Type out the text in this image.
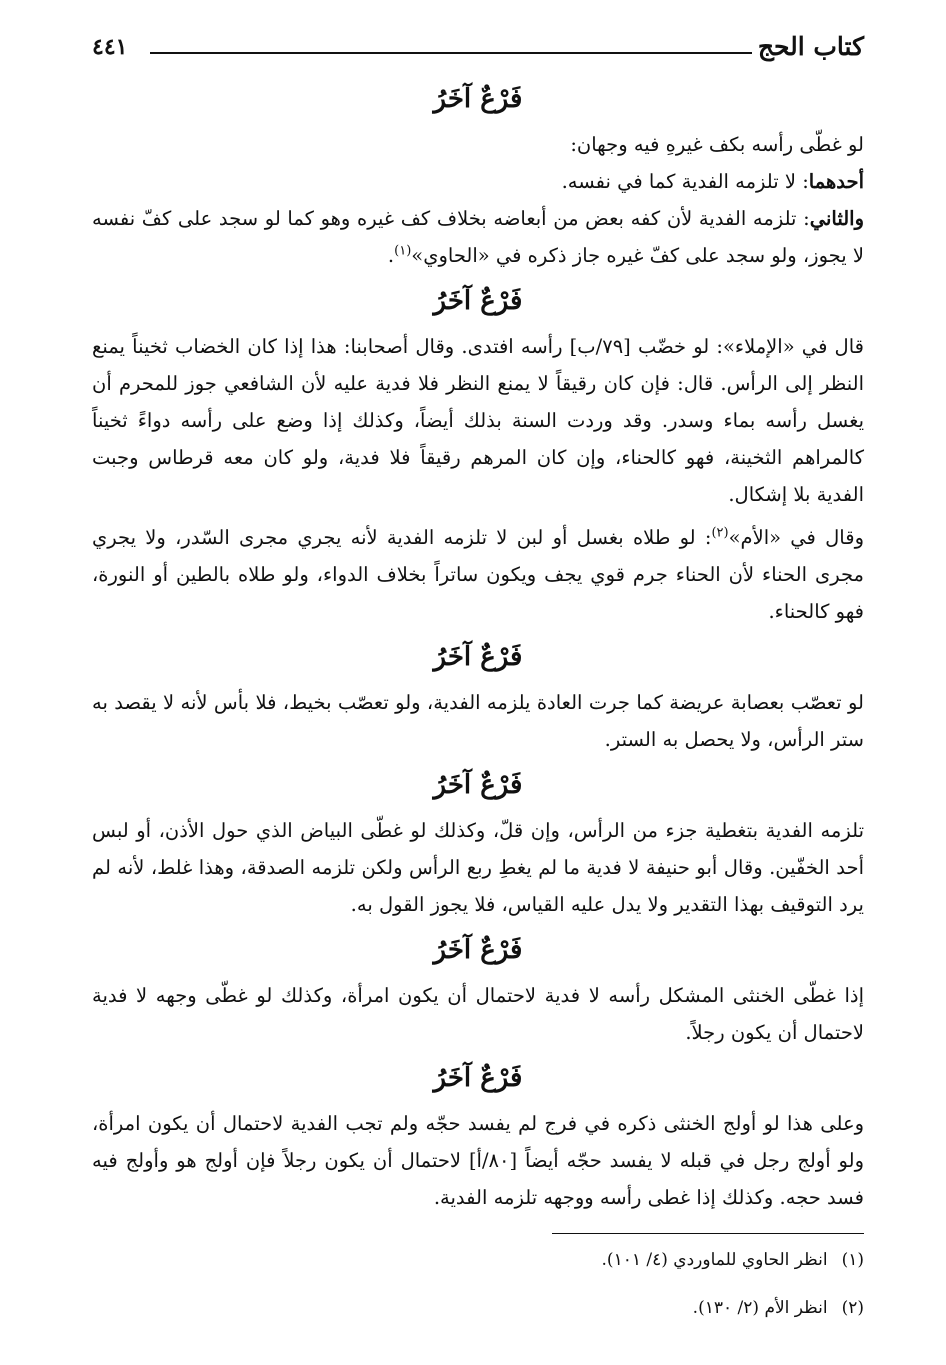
كتاب الحج
٤٤١
فَرْعٌ آخَرُ

لو غطّى رأسه بكف غيرهِ فيه وجهان:

أحدهما: لا تلزمه الفدية كما في نفسه.

والثاني: تلزمه الفدية لأن كفه بعض من أبعاضه بخلاف كف غيره وهو كما لو سجد على كفّ نفسه لا يجوز، ولو سجد على كفّ غيره جاز ذكره في «الحاوي»$^{(١)}$.

فَرْعٌ آخَرُ

قال في «الإملاء»: لو خضّب [٧٩/ب] رأسه افتدى. وقال أصحابنا: هذا إذا كان الخضاب ثخيناً يمنع النظر إلى الرأس. قال: فإن كان رقيقاً لا يمنع النظر فلا فدية عليه لأن الشافعي جوز للمحرم أن يغسل رأسه بماء وسدر. وقد وردت السنة بذلك أيضاً، وكذلك إذا وضع على رأسه دواءً ثخيناً كالمراهم الثخينة، فهو كالحناء، وإن كان المرهم رقيقاً فلا فدية، ولو كان معه قرطاس وجبت الفدية بلا إشكال.

وقال في «الأم»$^{(٢)}$: لو طلاه بغسل أو لبن لا تلزمه الفدية لأنه يجري مجرى السّدر، ولا يجري مجرى الحناء لأن الحناء جرم قوي يجف ويكون ساتراً بخلاف الدواء، ولو طلاه بالطين أو النورة، فهو كالحناء.

فَرْعٌ آخَرُ

لو تعصّب بعصابة عريضة كما جرت العادة يلزمه الفدية، ولو تعصّب بخيط، فلا بأس لأنه لا يقصد به ستر الرأس، ولا يحصل به الستر.

فَرْعٌ آخَرُ

تلزمه الفدية بتغطية جزء من الرأس، وإن قلّ، وكذلك لو غطّى البياض الذي حول الأذن، أو لبس أحد الخفّين. وقال أبو حنيفة لا فدية ما لم يغطِ ربع الرأس ولكن تلزمه الصدقة، وهذا غلط، لأنه لم يرد التوقيف بهذا التقدير ولا يدل عليه القياس، فلا يجوز القول به.

فَرْعٌ آخَرُ

إذا غطّى الخنثى المشكل رأسه لا فدية لاحتمال أن يكون امرأة، وكذلك لو غطّى وجهه لا فدية لاحتمال أن يكون رجلاً.

فَرْعٌ آخَرُ

وعلى هذا لو أولج الخنثى ذكره في فرج لم يفسد حجّه ولم تجب الفدية لاحتمال أن يكون امرأة، ولو أولج رجل في قبله لا يفسد حجّه أيضاً [٨٠/أ] لاحتمال أن يكون رجلاً فإن أولج هو وأولج فيه فسد حجه. وكذلك إذا غطى رأسه ووجهه تلزمه الفدية.

(١)انظر الحاوي للماوردي (٤/ ١٠١).
(٢)انظر الأم (٢/ ١٣٠).
